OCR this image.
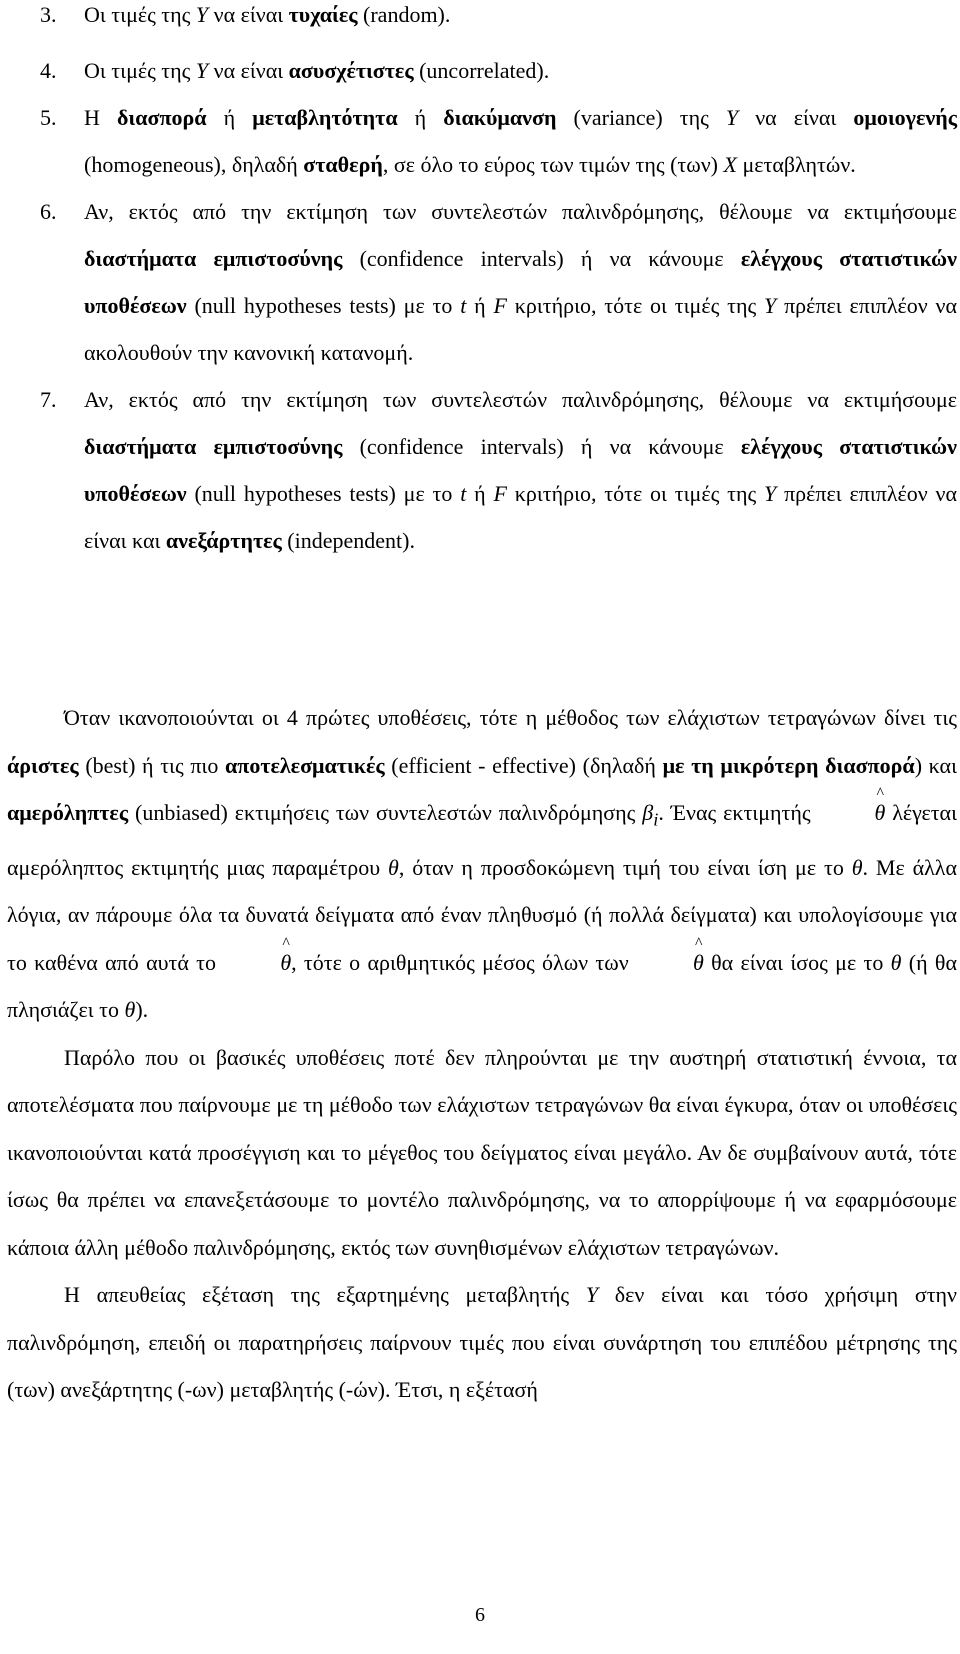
3.	Οι τιμές της Υ να είναι τυχαίες (random).
4.	Οι τιμές της Υ να είναι ασυσχέτιστες (uncorrelated).
5.	Η διασπορά ή μεταβλητότητα ή διακύμανση (variance) της Υ να είναι ομοιογενής (homogeneous), δηλαδή σταθερή, σε όλο το εύρος των τιμών της (των) Χ μεταβλητών.
6.	Αν, εκτός από την εκτίμηση των συντελεστών παλινδρόμησης, θέλουμε να εκτιμήσουμε διαστήματα εμπιστοσύνης (confidence intervals) ή να κάνουμε ελέγχους στατιστικών υποθέσεων (null hypotheses tests) με το t ή F κριτήριο, τότε οι τιμές της Υ πρέπει επιπλέον να ακολουθούν την κανονική κατανομή.
7.	Αν, εκτός από την εκτίμηση των συντελεστών παλινδρόμησης, θέλουμε να εκτιμήσουμε διαστήματα εμπιστοσύνης (confidence intervals) ή να κάνουμε ελέγχους στατιστικών υποθέσεων (null hypotheses tests) με το t ή F κριτήριο, τότε οι τιμές της Υ πρέπει επιπλέον να είναι και ανεξάρτητες (independent).

Όταν ικανοποιούνται οι 4 πρώτες υποθέσεις, τότε η μέθοδος των ελάχιστων τετραγώνων δίνει τις άριστες (best) ή τις πιο αποτελεσματικές (efficient - effective) (δηλαδή με τη μικρότερη διασπορά) και αμερόληπτες (unbiased) εκτιμήσεις των συντελεστών παλινδρόμησης $\beta_i$. Ένας εκτιμητής	^ θ λέγεται αμερόληπτος εκτιμητής μιας παραμέτρου θ, όταν η προσδοκώμενη τιμή του είναι ίση με το θ. Με άλλα λόγια, αν πάρουμε όλα τα δυνατά δείγματα από έναν πληθυσμό (ή πολλά δείγματα) και υπολογίσουμε για το καθένα από αυτά το	^ θ, τότε ο αριθμητικός μέσος όλων των	^ θ θα είναι ίσος με το θ (ή θα πλησιάζει το θ).

Παρόλο που οι βασικές υποθέσεις ποτέ δεν πληρούνται με την αυστηρή στατιστική έννοια, τα αποτελέσματα που παίρνουμε με τη μέθοδο των ελάχιστων τετραγώνων θα είναι έγκυρα, όταν οι υποθέσεις ικανοποιούνται κατά προσέγγιση και το μέγεθος του δείγματος είναι μεγάλο. Αν δε συμβαίνουν αυτά, τότε ίσως θα πρέπει να επανεξετάσουμε το μοντέλο παλινδρόμησης, να το απορρίψουμε ή να εφαρμόσουμε κάποια άλλη μέθοδο παλινδρόμησης, εκτός των συνηθισμένων ελάχιστων τετραγώνων.

Η απευθείας εξέταση της εξαρτημένης μεταβλητής Υ δεν είναι και τόσο χρήσιμη στην παλινδρόμηση, επειδή οι παρατηρήσεις παίρνουν τιμές που είναι συνάρτηση του επιπέδου μέτρησης της (των) ανεξάρτητης (-ων) μεταβλητής (-ών). Έτσι, η εξέτασή

6
